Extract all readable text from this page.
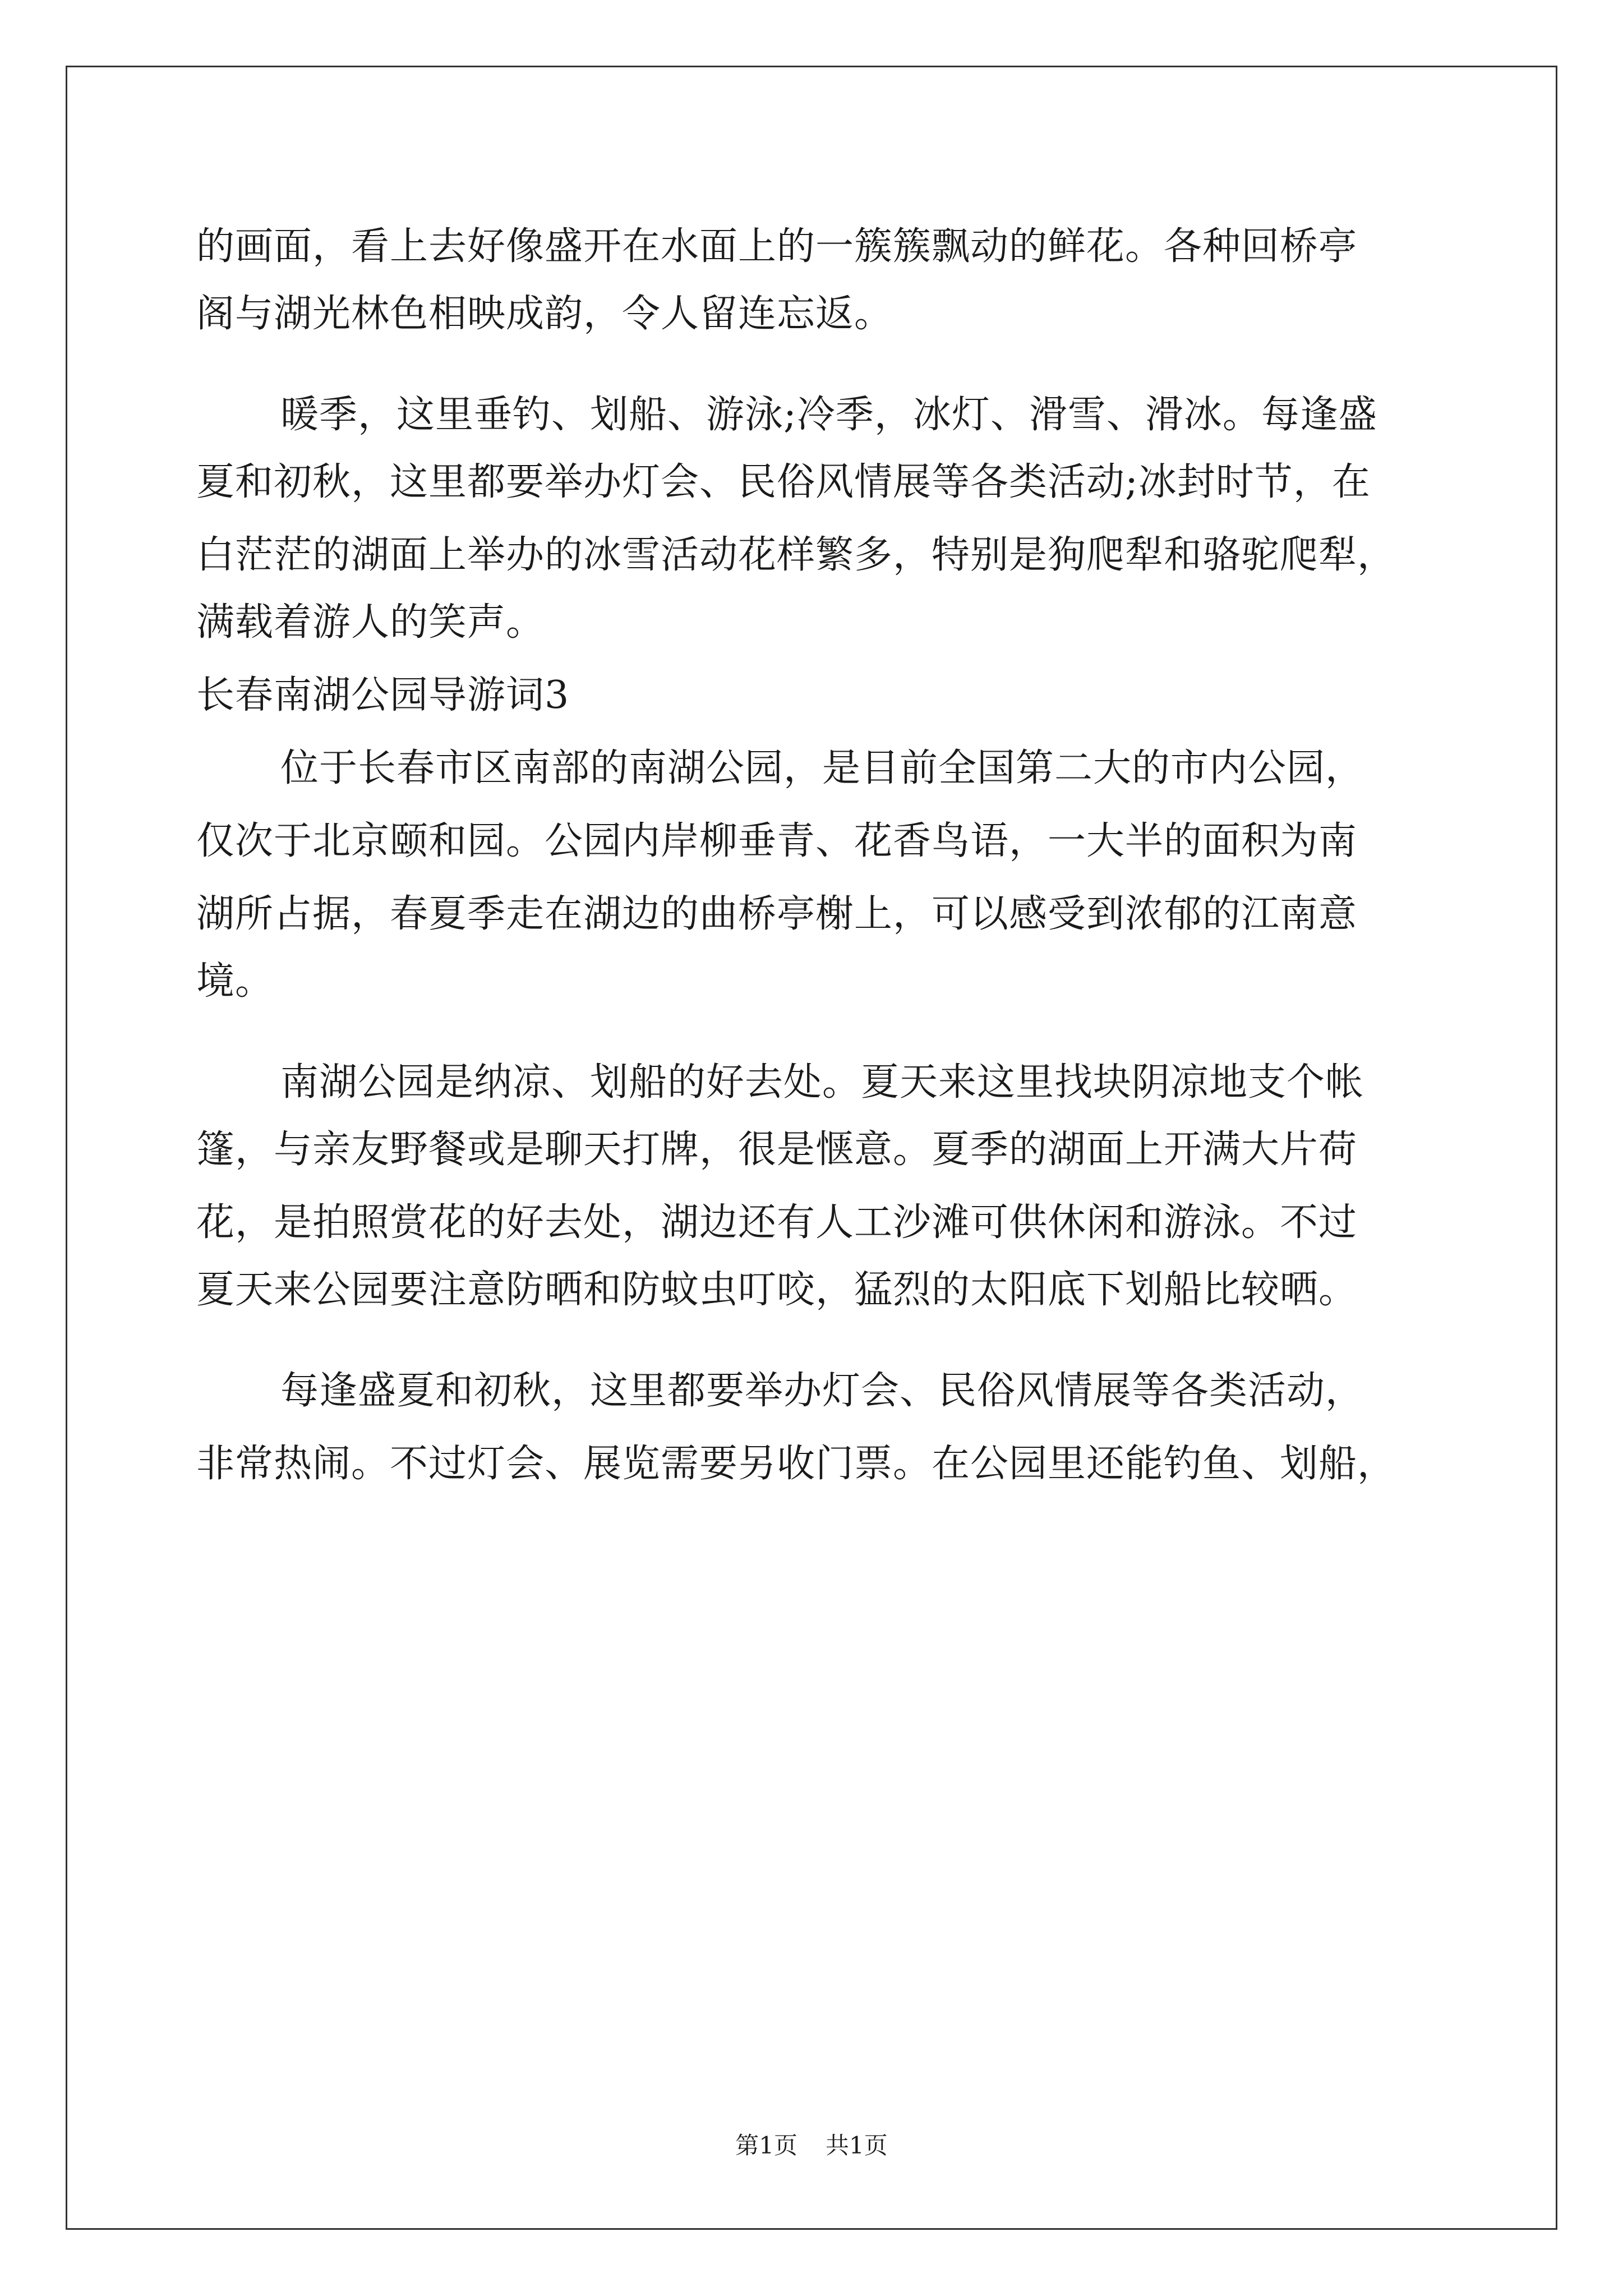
的画面，看上去好像盛开在水面上的一簇簇飘动的鲜花。各种回桥亭
阁与湖光林色相映成韵，令人留连忘返。
暖季，这里垂钓、划船、游泳;冷季，冰灯、滑雪、滑冰。每逢盛
夏和初秋，这里都要举办灯会、民俗风情展等各类活动;冰封时节，在
白茫茫的湖面上举办的冰雪活动花样繁多，特别是狗爬犁和骆驼爬犁，
满载着游人的笑声。
长春南湖公园导游词3
位于长春市区南部的南湖公园，是目前全国第二大的市内公园，
仅次于北京颐和园。公园内岸柳垂青、花香鸟语，一大半的面积为南
湖所占据，春夏季走在湖边的曲桥亭榭上，可以感受到浓郁的江南意
境。
南湖公园是纳凉、划船的好去处。夏天来这里找块阴凉地支个帐
篷，与亲友野餐或是聊天打牌，很是惬意。夏季的湖面上开满大片荷
花，是拍照赏花的好去处，湖边还有人工沙滩可供休闲和游泳。不过
夏天来公园要注意防晒和防蚊虫叮咬，猛烈的太阳底下划船比较晒。
每逢盛夏和初秋，这里都要举办灯会、民俗风情展等各类活动，
非常热闹。不过灯会、展览需要另收门票。在公园里还能钓鱼、划船，
第1页 共1页
